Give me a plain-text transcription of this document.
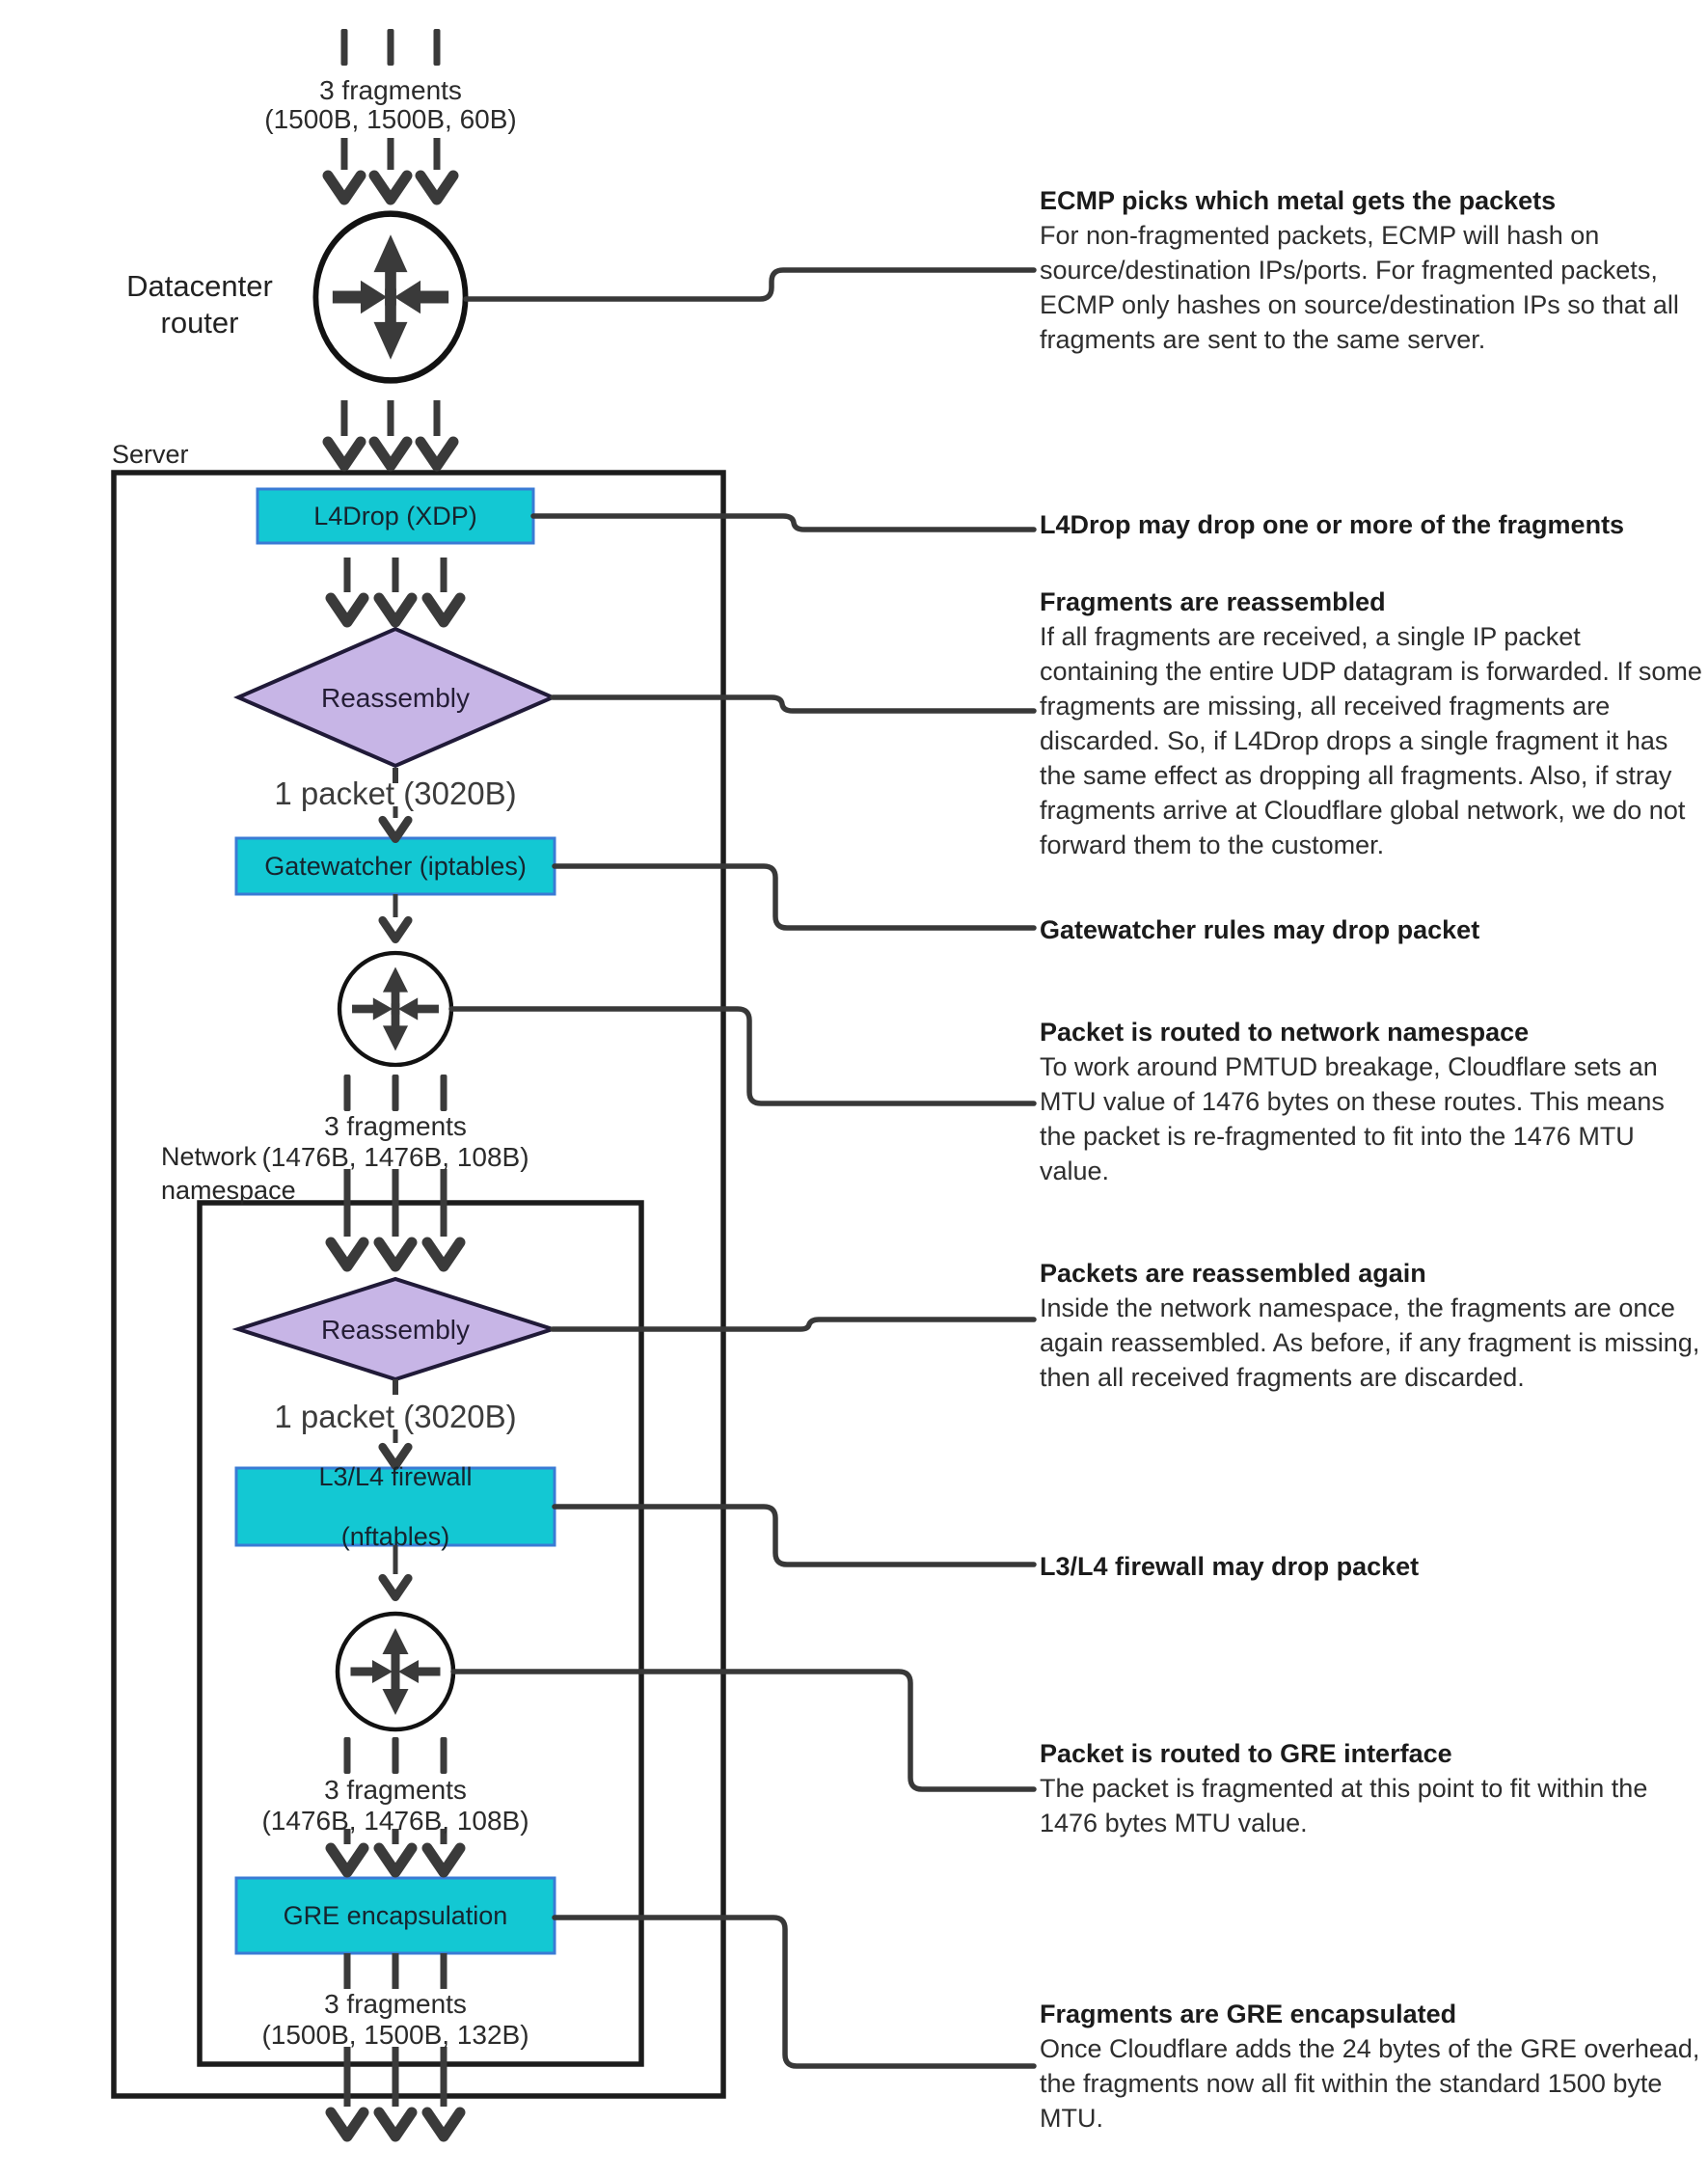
3 fragments
(1500B, 1500B, 60B)
Datacenter
router
Server
L4Drop (XDP)
Reassembly
1 packet (3020B)
Gatewatcher (iptables)
3 fragments
(1476B, 1476B, 108B)
Network
namespace
Reassembly
1 packet (3020B)

L3/L4 firewall

(nftables)

3 fragments
(1476B, 1476B, 108B)
GRE encapsulation
3 fragments
(1500B, 1500B, 132B)
ECMP picks which metal gets the packets

For non-fragmented packets, ECMP will hash on source/destination IPs/ports. For fragmented packets, ECMP only hashes on source/destination IPs so that all fragments are sent to the same server.

L4Drop may drop one or more of the fragments
Fragments are reassembled

If all fragments are received, a single IP packet containing the entire UDP datagram is forwarded. If some fragments are missing, all received fragments are discarded. So, if L4Drop drops a single fragment it has the same effect as dropping all fragments. Also, if stray fragments arrive at Cloudflare global network, we do not forward them to the customer.

Gatewatcher rules may drop packet
Packet is routed to network namespace

To work around PMTUD breakage, Cloudflare sets an MTU value of 1476 bytes on these routes. This means the packet is re-fragmented to fit into the 1476 MTU value.

Packets are reassembled again

Inside the network namespace, the fragments are once again reassembled. As before, if any fragment is missing, then all received fragments are discarded.

L3/L4 firewall may drop packet
Packet is routed to GRE interface

The packet is fragmented at this point to fit within the 1476 bytes MTU value.

Fragments are GRE encapsulated

Once Cloudflare adds the 24 bytes of the GRE overhead, the fragments now all fit within the standard 1500 byte MTU.
